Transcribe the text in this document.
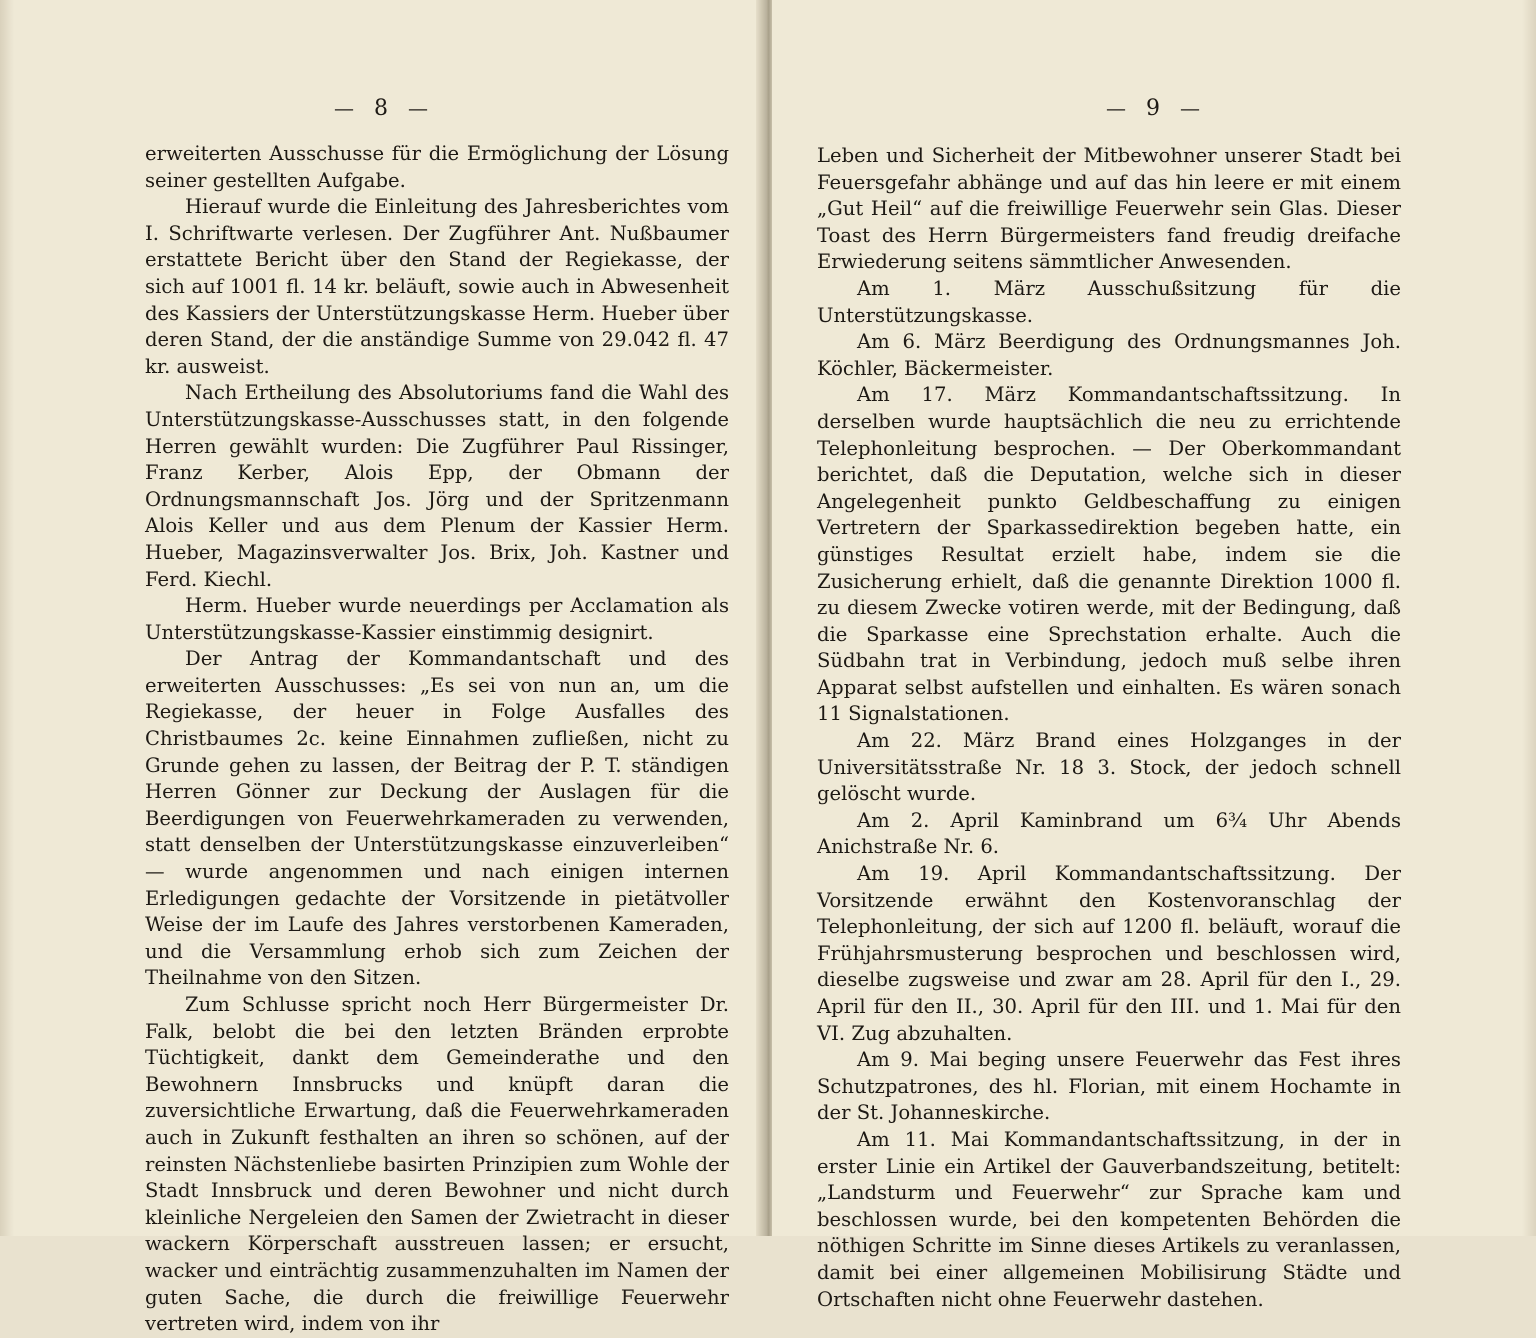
— 8 —

erweiterten Ausschusse für die Ermöglichung der Lösung seiner gestellten Aufgabe.

Hierauf wurde die Einleitung des Jahresberichtes vom I. Schriftwarte verlesen. Der Zugführer Ant. Nußbaumer erstattete Bericht über den Stand der Regiekasse, der sich auf 1001 fl. 14 kr. beläuft, sowie auch in Abwesenheit des Kassiers der Unterstützungskasse Herm. Hueber über deren Stand, der die anständige Summe von 29.042 fl. 47 kr. ausweist.

Nach Ertheilung des Absolutoriums fand die Wahl des Unterstützungskasse-Ausschusses statt, in den folgende Herren gewählt wurden: Die Zugführer Paul Rissinger, Franz Kerber, Alois Epp, der Obmann der Ordnungsmannschaft Jos. Jörg und der Spritzenmann Alois Keller und aus dem Plenum der Kassier Herm. Hueber, Magazinsverwalter Jos. Brix, Joh. Kastner und Ferd. Kiechl.

Herm. Hueber wurde neuerdings per Acclamation als Unterstützungskasse-Kassier einstimmig designirt.

Der Antrag der Kommandantschaft und des erweiterten Ausschusses: „Es sei von nun an, um die Regiekasse, der heuer in Folge Ausfalles des Christbaumes 2c. keine Einnahmen zufließen, nicht zu Grunde gehen zu lassen, der Beitrag der P. T. ständigen Herren Gönner zur Deckung der Auslagen für die Beerdigungen von Feuerwehrkameraden zu verwenden, statt denselben der Unterstützungskasse einzuverleiben“ — wurde angenommen und nach einigen internen Erledigungen gedachte der Vorsitzende in pietätvoller Weise der im Laufe des Jahres verstorbenen Kameraden, und die Versammlung erhob sich zum Zeichen der Theilnahme von den Sitzen.

Zum Schlusse spricht noch Herr Bürgermeister Dr. Falk, belobt die bei den letzten Bränden erprobte Tüchtigkeit, dankt dem Gemeinderathe und den Bewohnern Innsbrucks und knüpft daran die zuversichtliche Erwartung, daß die Feuerwehrkameraden auch in Zukunft festhalten an ihren so schönen, auf der reinsten Nächstenliebe basirten Prinzipien zum Wohle der Stadt Innsbruck und deren Bewohner und nicht durch kleinliche Nergeleien den Samen der Zwietracht in dieser wackern Körperschaft ausstreuen lassen; er ersucht, wacker und einträchtig zusammenzuhalten im Namen der guten Sache, die durch die freiwillige Feuerwehr vertreten wird, indem von ihr

— 9 —

Leben und Sicherheit der Mitbewohner unserer Stadt bei Feuersgefahr abhänge und auf das hin leere er mit einem „Gut Heil“ auf die freiwillige Feuerwehr sein Glas. Dieser Toast des Herrn Bürgermeisters fand freudig dreifache Erwiederung seitens sämmtlicher Anwesenden.

Am 1. März Ausschußsitzung für die Unterstützungskasse.

Am 6. März Beerdigung des Ordnungsmannes Joh. Köchler, Bäckermeister.

Am 17. März Kommandantschaftssitzung. In derselben wurde hauptsächlich die neu zu errichtende Telephonleitung besprochen. — Der Oberkommandant berichtet, daß die Deputation, welche sich in dieser Angelegenheit punkto Geldbeschaffung zu einigen Vertretern der Sparkassedirektion begeben hatte, ein günstiges Resultat erzielt habe, indem sie die Zusicherung erhielt, daß die genannte Direktion 1000 fl. zu diesem Zwecke votiren werde, mit der Bedingung, daß die Sparkasse eine Sprechstation erhalte. Auch die Südbahn trat in Verbindung, jedoch muß selbe ihren Apparat selbst aufstellen und einhalten. Es wären sonach 11 Signalstationen.

Am 22. März Brand eines Holzganges in der Universitätsstraße Nr. 18 3. Stock, der jedoch schnell gelöscht wurde.

Am 2. April Kaminbrand um 6¾ Uhr Abends Anichstraße Nr. 6.

Am 19. April Kommandantschaftssitzung. Der Vorsitzende erwähnt den Kostenvoranschlag der Telephonleitung, der sich auf 1200 fl. beläuft, worauf die Frühjahrsmusterung besprochen und beschlossen wird, dieselbe zugsweise und zwar am 28. April für den I., 29. April für den II., 30. April für den III. und 1. Mai für den VI. Zug abzuhalten.

Am 9. Mai beging unsere Feuerwehr das Fest ihres Schutzpatrones, des hl. Florian, mit einem Hochamte in der St. Johanneskirche.

Am 11. Mai Kommandantschaftssitzung, in der in erster Linie ein Artikel der Gauverbandszeitung, betitelt: „Landsturm und Feuerwehr“ zur Sprache kam und beschlossen wurde, bei den kompetenten Behörden die nöthigen Schritte im Sinne dieses Artikels zu veranlassen, damit bei einer allgemeinen Mobilisirung Städte und Ortschaften nicht ohne Feuerwehr dastehen.
